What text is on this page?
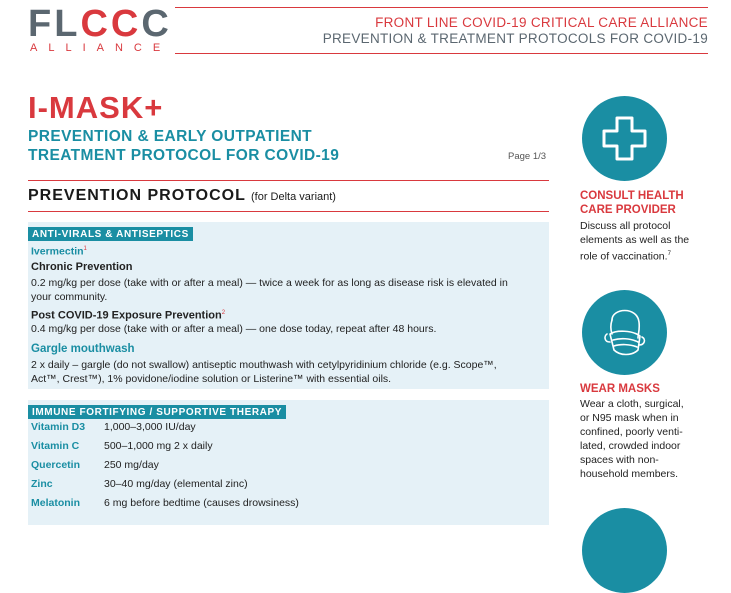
FLCCC
ALLIANCE
FRONT LINE COVID-19 CRITICAL CARE ALLIANCE
PREVENTION & TREATMENT PROTOCOLS FOR COVID-19
I-MASK+
PREVENTION & EARLY OUTPATIENT
TREATMENT PROTOCOL FOR COVID-19	Page 1/3
PREVENTION PROTOCOL (for Delta variant)
ANTI-VIRALS & ANTISEPTICS
Ivermectin$^1$
Chronic Prevention
0.2 mg/kg per dose (take with or after a meal) — twice a week for as long as disease risk is elevated in
your community.
Post COVID-19 Exposure Prevention$^2$
0.4 mg/kg per dose (take with or after a meal) — one dose today, repeat after 48 hours.
Gargle mouthwash
2 x daily – gargle (do not swallow) antiseptic mouthwash with cetylpyridinium chloride (e.g. Scope™,
Act™, Crest™), 1% povidone/iodine solution or Listerine™ with essential oils.
IMMUNE FORTIFYING / SUPPORTIVE THERAPY
Vitamin D3 1,000–3,000 IU/day
Vitamin C 500–1,000 mg 2 x daily
Quercetin 250 mg/day
Zinc	30–40 mg/day (elemental zinc)
Melatonin 6 mg before bedtime (causes drowsiness)
CONSULT HEALTH
CARE PROVIDER
Discuss all protocol
elements as well as the
role of vaccination.$^7$
WEAR MASKS
Wear a cloth, surgical,
or N95 mask when in
confined, poorly venti-
lated, crowded indoor
spaces with non-
household members.
